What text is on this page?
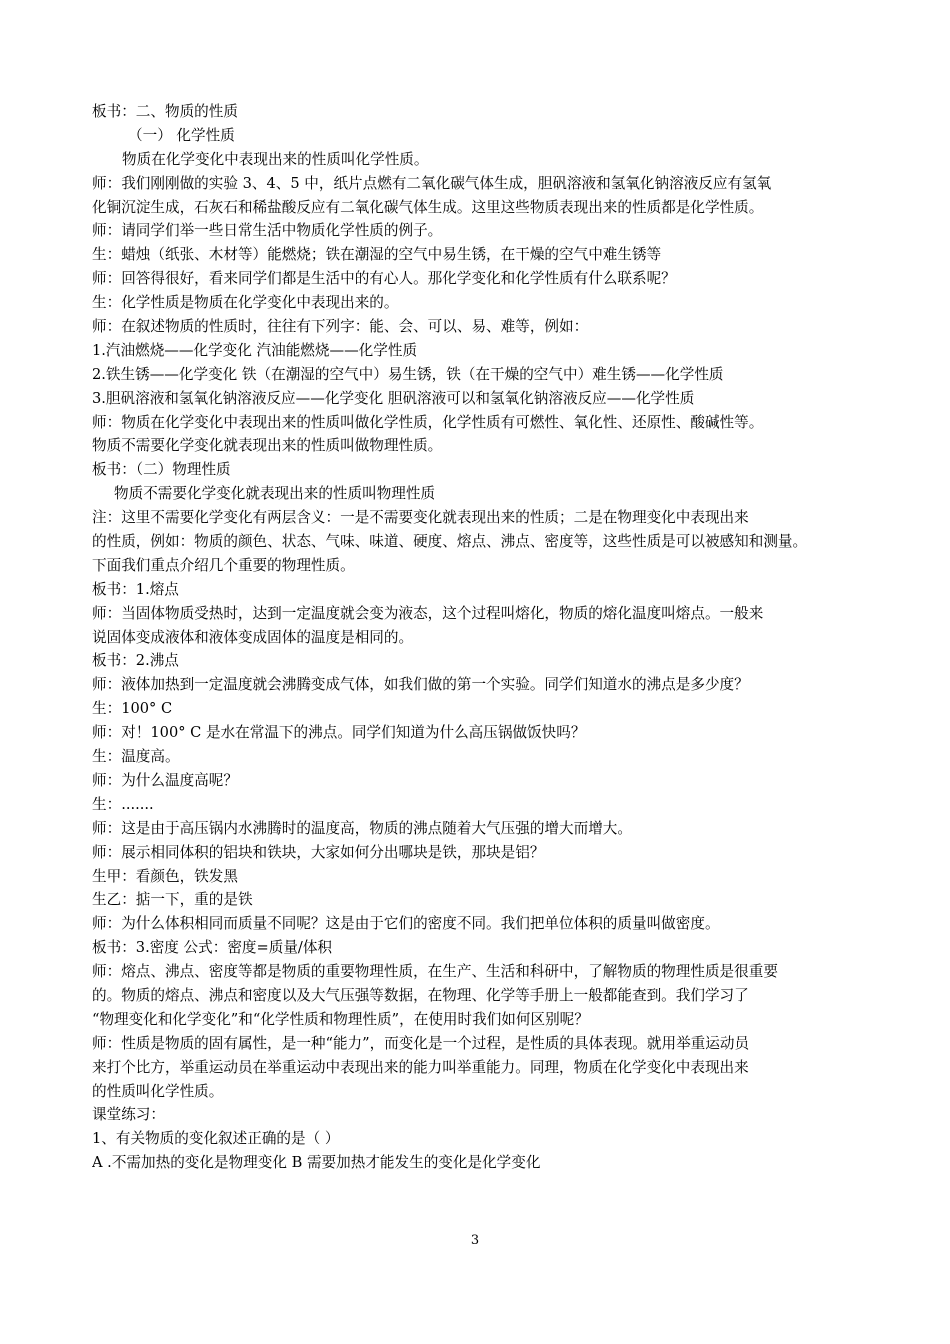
板书：二、物质的性质
（一） 化学性质
物质在化学变化中表现出来的性质叫化学性质。
师：我们刚刚做的实验 3、4、5 中，纸片点燃有二氧化碳气体生成，胆矾溶液和氢氧化钠溶液反应有氢氧
化铜沉淀生成，石灰石和稀盐酸反应有二氧化碳气体生成。这里这些物质表现出来的性质都是化学性质。
师：请同学们举一些日常生活中物质化学性质的例子。
生：蜡烛（纸张、木材等）能燃烧；铁在潮湿的空气中易生锈，在干燥的空气中难生锈等
师：回答得很好，看来同学们都是生活中的有心人。那化学变化和化学性质有什么联系呢？
生：化学性质是物质在化学变化中表现出来的。
师：在叙述物质的性质时，往往有下列字：能、会、可以、易、难等，例如：
1.汽油燃烧——化学变化 汽油能燃烧——化学性质
2.铁生锈——化学变化 铁（在潮湿的空气中）易生锈，铁（在干燥的空气中）难生锈——化学性质
3.胆矾溶液和氢氧化钠溶液反应——化学变化 胆矾溶液可以和氢氧化钠溶液反应——化学性质
师：物质在化学变化中表现出来的性质叫做化学性质，化学性质有可燃性、氧化性、还原性、酸碱性等。
物质不需要化学变化就表现出来的性质叫做物理性质。
板书：（二）物理性质
物质不需要化学变化就表现出来的性质叫物理性质
注：这里不需要化学变化有两层含义：一是不需要变化就表现出来的性质；二是在物理变化中表现出来
的性质，例如：物质的颜色、状态、气味、味道、硬度、熔点、沸点、密度等，这些性质是可以被感知和测量。
下面我们重点介绍几个重要的物理性质。
板书：1.熔点
师：当固体物质受热时，达到一定温度就会变为液态，这个过程叫熔化，物质的熔化温度叫熔点。一般来
说固体变成液体和液体变成固体的温度是相同的。
板书：2.沸点
师：液体加热到一定温度就会沸腾变成气体，如我们做的第一个实验。同学们知道水的沸点是多少度？
生：100° C
师：对！100° C 是水在常温下的沸点。同学们知道为什么高压锅做饭快吗？
生：温度高。
师：为什么温度高呢？
生：.......
师：这是由于高压锅内水沸腾时的温度高，物质的沸点随着大气压强的增大而增大。
师：展示相同体积的铝块和铁块，大家如何分出哪块是铁，那块是铝？
生甲：看颜色，铁发黑
生乙：掂一下，重的是铁
师：为什么体积相同而质量不同呢？这是由于它们的密度不同。我们把单位体积的质量叫做密度。
板书：3.密度 公式：密度=质量/体积
师：熔点、沸点、密度等都是物质的重要物理性质，在生产、生活和科研中，了解物质的物理性质是很重要
的。物质的熔点、沸点和密度以及大气压强等数据，在物理、化学等手册上一般都能查到。我们学习了
“物理变化和化学变化”和“化学性质和物理性质”，在使用时我们如何区别呢？
师：性质是物质的固有属性，是一种“能力”，而变化是一个过程，是性质的具体表现。就用举重运动员
来打个比方，举重运动员在举重运动中表现出来的能力叫举重能力。同理，物质在化学变化中表现出来
的性质叫化学性质。
课堂练习：
1、有关物质的变化叙述正确的是（ ）
A .不需加热的变化是物理变化 B 需要加热才能发生的变化是化学变化
3
